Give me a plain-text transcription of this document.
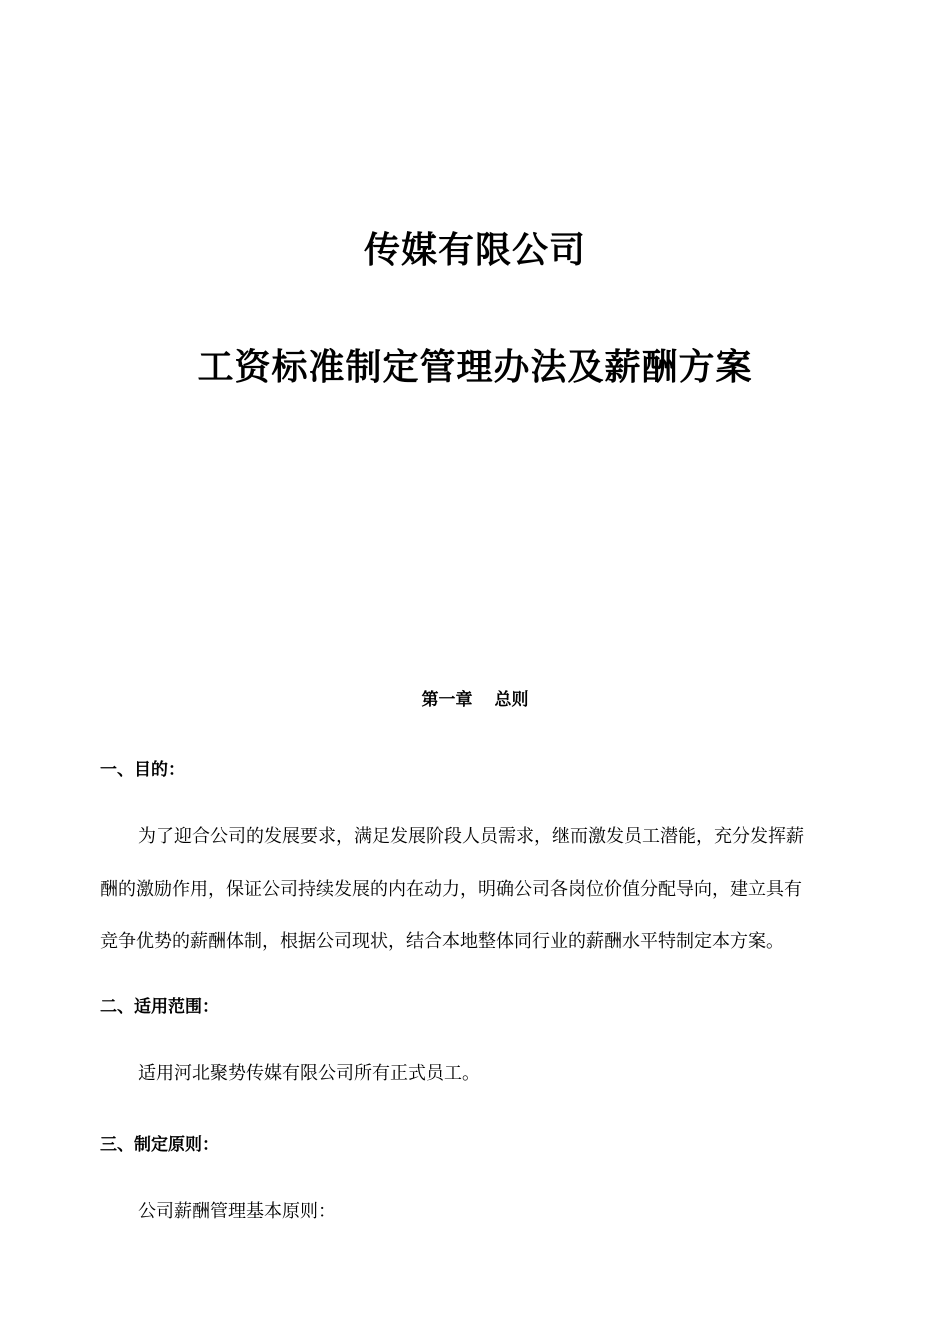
传媒有限公司
工资标准制定管理办法及薪酬方案
第一章 总则
一、目的：
为了迎合公司的发展要求，满足发展阶段人员需求，继而激发员工潜能，充分发挥薪
酬的激励作用，保证公司持续发展的内在动力，明确公司各岗位价值分配导向，建立具有
竞争优势的薪酬体制，根据公司现状，结合本地整体同行业的薪酬水平特制定本方案。
二、适用范围：
适用河北聚势传媒有限公司所有正式员工。
三、制定原则：
公司薪酬管理基本原则：
